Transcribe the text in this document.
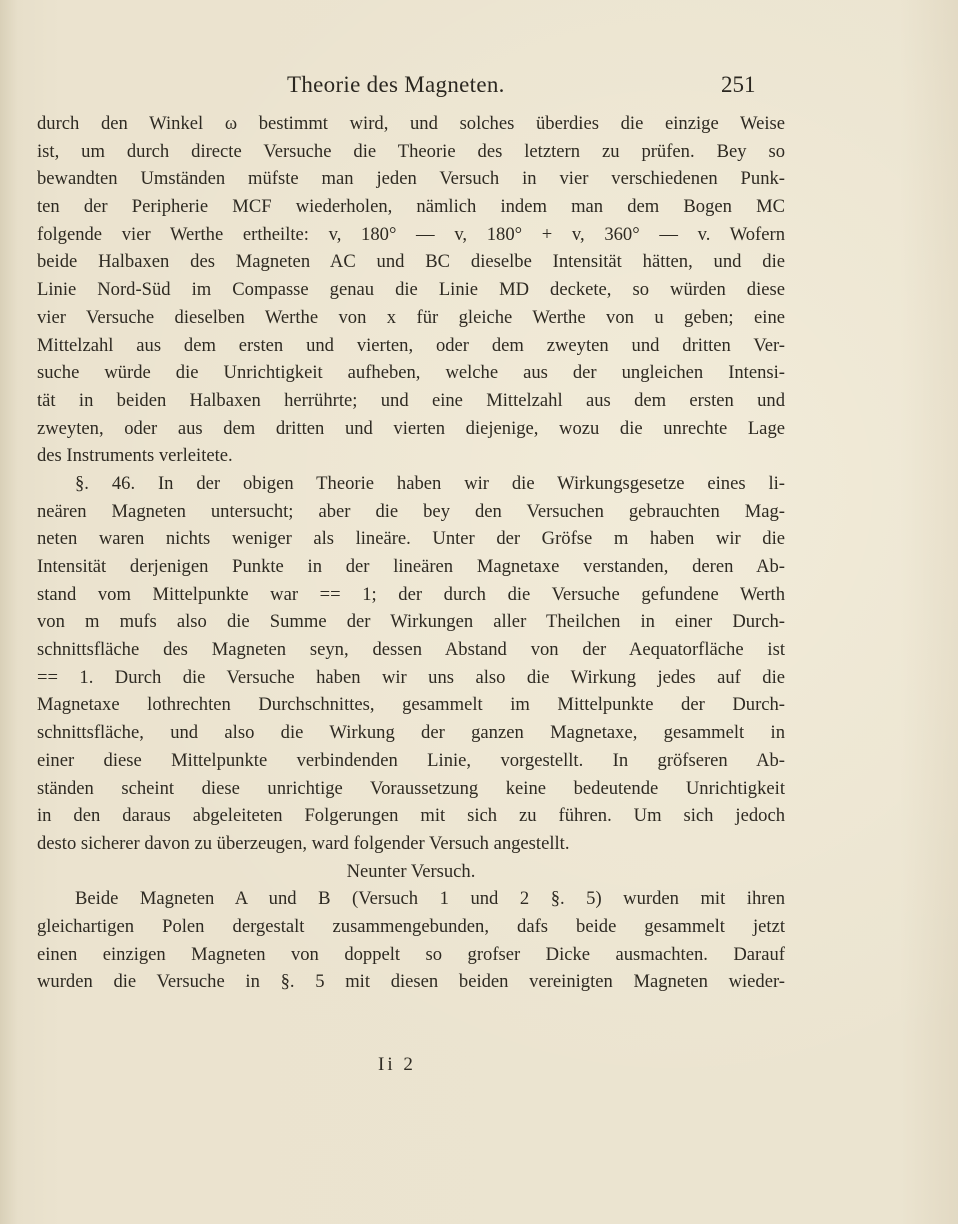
Theorie des Magneten.	251
durch den Winkel ω bestimmt wird, und solches überdies die einzige Weise
ist, um durch directe Versuche die Theorie des letztern zu prüfen. Bey so
bewandten Umständen müfste man jeden Versuch in vier verschiedenen Punk-
ten der Peripherie MCF wiederholen, nämlich indem man dem Bogen MC
folgende vier Werthe ertheilte: v, 180° — v, 180° + v, 360° — v. Wofern
beide Halbaxen des Magneten AC und BC dieselbe Intensität hätten, und die
Linie Nord-Süd im Compasse genau die Linie MD deckete, so würden diese
vier Versuche dieselben Werthe von x für gleiche Werthe von u geben; eine
Mittelzahl aus dem ersten und vierten, oder dem zweyten und dritten Ver-
suche würde die Unrichtigkeit aufheben, welche aus der ungleichen Intensi-
tät in beiden Halbaxen herrührte; und eine Mittelzahl aus dem ersten und
zweyten, oder aus dem dritten und vierten diejenige, wozu die unrechte Lage
des Instruments verleitete.
§. 46. In der obigen Theorie haben wir die Wirkungsgesetze eines li-
neären Magneten untersucht; aber die bey den Versuchen gebrauchten Mag-
neten waren nichts weniger als lineäre. Unter der Gröfse m haben wir die
Intensität derjenigen Punkte in der lineären Magnetaxe verstanden, deren Ab-
stand vom Mittelpunkte war == 1; der durch die Versuche gefundene Werth
von m mufs also die Summe der Wirkungen aller Theilchen in einer Durch-
schnittsfläche des Magneten seyn, dessen Abstand von der Aequatorfläche ist
== 1. Durch die Versuche haben wir uns also die Wirkung jedes auf die
Magnetaxe lothrechten Durchschnittes, gesammelt im Mittelpunkte der Durch-
schnittsfläche, und also die Wirkung der ganzen Magnetaxe, gesammelt in
einer diese Mittelpunkte verbindenden Linie, vorgestellt. In gröfseren Ab-
ständen scheint diese unrichtige Voraussetzung keine bedeutende Unrichtigkeit
in den daraus abgeleiteten Folgerungen mit sich zu führen. Um sich jedoch
desto sicherer davon zu überzeugen, ward folgender Versuch angestellt.
Neunter Versuch.
Beide Magneten A und B (Versuch 1 und 2 §. 5) wurden mit ihren
gleichartigen Polen dergestalt zusammengebunden, dafs beide gesammelt jetzt
einen einzigen Magneten von doppelt so grofser Dicke ausmachten. Darauf
wurden die Versuche in §. 5 mit diesen beiden vereinigten Magneten wieder-
Ii 2
